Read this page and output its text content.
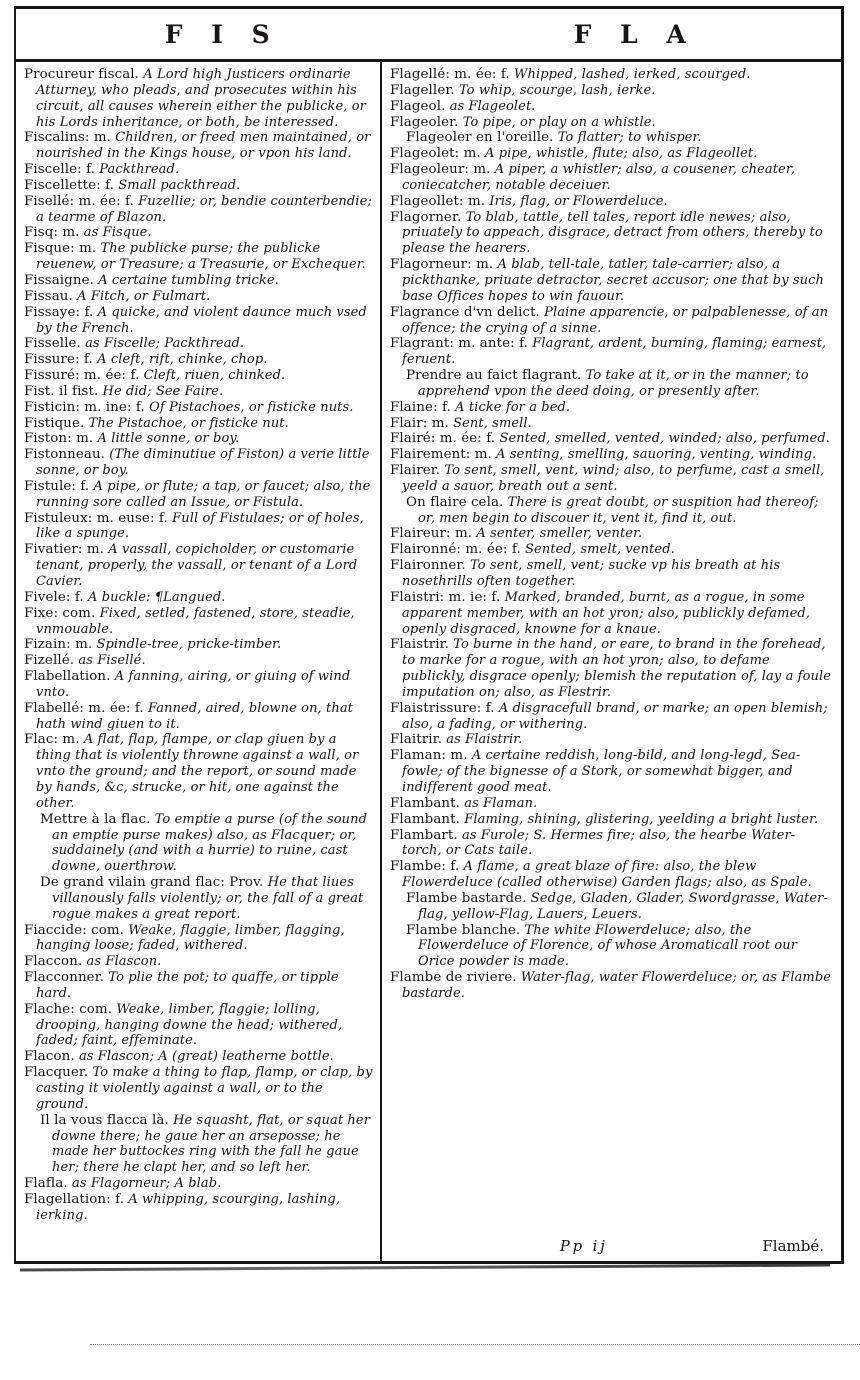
F I S	F L A

Procureur fiscal. A Lord high Justicers ordinarie Atturney, who pleads, and prosecutes within his circuit, all causes wherein either the publicke, or his Lords inheritance, or both, be interessed.

Fiscalins: m. Children, or freed men maintained, or nourished in the Kings house, or vpon his land.

Fiscelle: f. Packthread.

Fiscellette: f. Small packthread.

Fisellé: m. ée: f. Fuzellie; or, bendie counterbendie; a tearme of Blazon.

Fisq: m. as Fisque.

Fisque: m. The publicke purse; the publicke reuenew, or Treasure; a Treasurie, or Exchequer.

Fissaigne. A certaine tumbling tricke.

Fissau. A Fitch, or Fulmart.

Fissaye: f. A quicke, and violent daunce much vsed by the French.

Fisselle. as Fiscelle; Packthread.

Fissure: f. A cleft, rift, chinke, chop.

Fissuré: m. ée: f. Cleft, riuen, chinked.

Fist. il fist. He did; See Faire.

Fisticin: m. ine: f. Of Pistachoes, or fisticke nuts.

Fistique. The Pistachoe, or fisticke nut.

Fiston: m. A little sonne, or boy.

Fistonneau. (The diminutiue of Fiston) a verie little sonne, or boy.

Fistule: f. A pipe, or flute; a tap, or faucet; also, the running sore called an Issue, or Fistula.

Fistuleux: m. euse: f. Full of Fistulaes; or of holes, like a spunge.

Fivatier: m. A vassall, copicholder, or customarie tenant, properly, the vassall, or tenant of a Lord Cavier.

Fivele: f. A buckle: ¶Langued.

Fixe: com. Fixed, setled, fastened, store, steadie, vnmouable.

Fizain: m. Spindle-tree, pricke-timber.

Fizellé. as Fisellé.

Flabellation. A fanning, airing, or giuing of wind vnto.

Flabellé: m. ée: f. Fanned, aired, blowne on, that hath wind giuen to it.

Flac: m. A flat, flap, flampe, or clap giuen by a thing that is violently throwne against a wall, or vnto the ground; and the report, or sound made by hands, &c, strucke, or hit, one against the other.

Mettre à la flac. To emptie a purse (of the sound an emptie purse makes) also, as Flacquer; or, suddainely (and with a hurrie) to ruine, cast downe, ouerthrow.

De grand vilain grand flac: Prov. He that liues villanously falls violently; or, the fall of a great rogue makes a great report.

Fiaccide: com. Weake, flaggie, limber, flagging, hanging loose; faded, withered.

Flaccon. as Flascon.

Flacconner. To plie the pot; to quaffe, or tipple hard.

Flache: com. Weake, limber, flaggie; lolling, drooping, hanging downe the head; withered, faded; faint, effeminate.

Flacon. as Flascon; A (great) leatherne bottle.

Flacquer. To make a thing to flap, flamp, or clap, by casting it violently against a wall, or to the ground.

Il la vous flacca là. He squasht, flat, or squat her downe there; he gaue her an arseposse; he made her buttockes ring with the fall he gaue her; there he clapt her, and so left her.

Flafla. as Flagorneur; A blab.

Flagellation: f. A whipping, scourging, lashing, ierking.

Flagellé: m. ée: f. Whipped, lashed, ierked, scourged.

Flageller. To whip, scourge, lash, ierke.

Flageol. as Flageolet.

Flageoler. To pipe, or play on a whistle.

Flageoler en l'oreille. To flatter; to whisper.

Flageolet: m. A pipe, whistle, flute; also, as Flageollet.

Flageoleur: m. A piper, a whistler; also, a cousener, cheater, coniecatcher, notable deceiuer.

Flageollet: m. Iris, flag, or Flowerdeluce.

Flagorner. To blab, tattle, tell tales, report idle newes; also, priuately to appeach, disgrace, detract from others, thereby to please the hearers.

Flagorneur: m. A blab, tell-tale, tatler, tale-carrier; also, a pickthanke, priuate detractor, secret accusor; one that by such base Offices hopes to win fauour.

Flagrance d'vn delict. Plaine apparencie, or palpablenesse, of an offence; the crying of a sinne.

Flagrant: m. ante: f. Flagrant, ardent, burning, flaming; earnest, feruent.

Prendre au faict flagrant. To take at it, or in the manner; to apprehend vpon the deed doing, or presently after.

Flaine: f. A ticke for a bed.

Flair: m. Sent, smell.

Flairé: m. ée: f. Sented, smelled, vented, winded; also, perfumed.

Flairement: m. A senting, smelling, sauoring, venting, winding.

Flairer. To sent, smell, vent, wind; also, to perfume, cast a smell, yeeld a sauor, breath out a sent.

On flaire cela. There is great doubt, or suspition had thereof; or, men begin to discouer it, vent it, find it, out.

Flaireur: m. A senter, smeller, venter.

Flaironné: m. ée: f. Sented, smelt, vented.

Flaironner. To sent, smell, vent; sucke vp his breath at his nosethrills often together.

Flaistri: m. ie: f. Marked, branded, burnt, as a rogue, in some apparent member, with an hot yron; also, publickly defamed, openly disgraced, knowne for a knaue.

Flaistrir. To burne in the hand, or eare, to brand in the forehead, to marke for a rogue, with an hot yron; also, to defame publickly, disgrace openly; blemish the reputation of, lay a foule imputation on; also, as Flestrir.

Flaistrissure: f. A disgracefull brand, or marke; an open blemish; also, a fading, or withering.

Flaitrir. as Flaistrir.

Flaman: m. A certaine reddish, long-bild, and long-legd, Sea-fowle; of the bignesse of a Stork, or somewhat bigger, and indifferent good meat.

Flambant. as Flaman.

Flambant. Flaming, shining, glistering, yeelding a bright luster.

Flambart. as Furole; S. Hermes fire; also, the hearbe Water-torch, or Cats taile.

Flambe: f. A flame, a great blaze of fire: also, the blew Flowerdeluce (called otherwise) Garden flags; also, as Spale.

Flambe bastarde. Sedge, Gladen, Glader, Swordgrasse, Water-flag, yellow-Flag, Lauers, Leuers.

Flambe blanche. The white Flowerdeluce; also, the Flowerdeluce of Florence, of whose Aromaticall root our Orice powder is made.

Flambe de riviere. Water-flag, water Flowerdeluce; or, as Flambe bastarde.

Pp ij	Flambé.
